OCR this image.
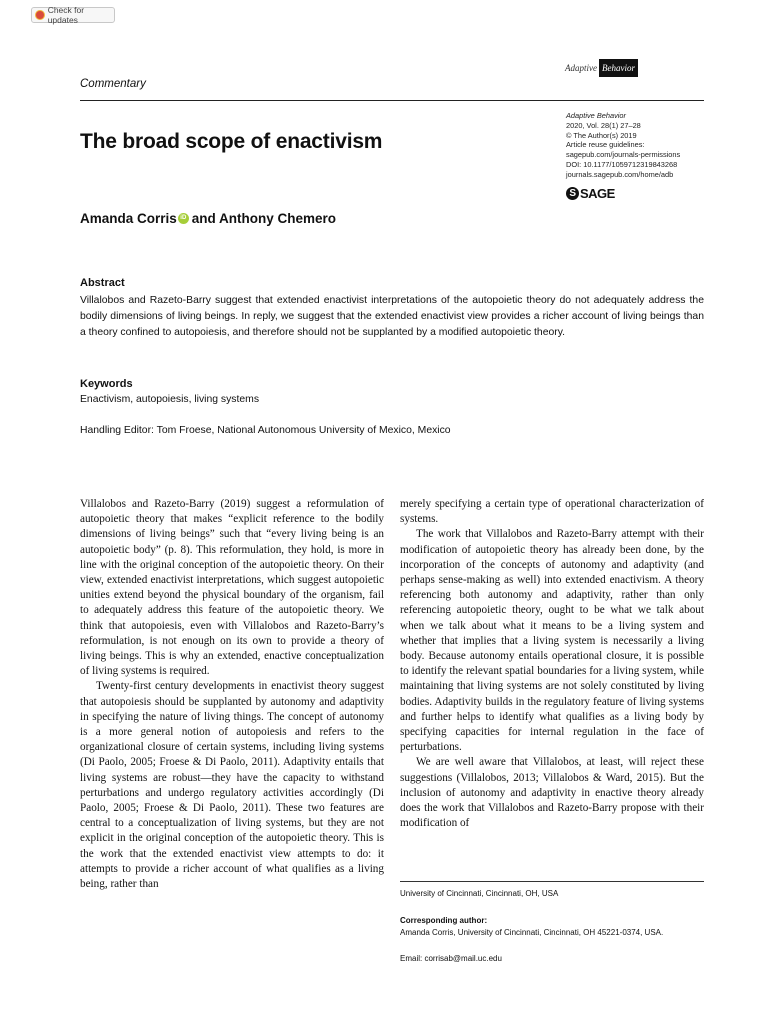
Check for updates
Adaptive Behavior
Commentary
The broad scope of enactivism
Adaptive Behavior
2020, Vol. 28(1) 27–28
© The Author(s) 2019
Article reuse guidelines:
sagepub.com/journals-permissions
DOI: 10.1177/1059712319843268
journals.sagepub.com/home/adb
S SAGE
Amanda Corris iD and Anthony Chemero
Abstract
Villalobos and Razeto-Barry suggest that extended enactivist interpretations of the autopoietic theory do not adequately address the bodily dimensions of living beings. In reply, we suggest that the extended enactivist view provides a richer account of living beings than a theory confined to autopoiesis, and therefore should not be supplanted by a modified autopoietic theory.
Keywords
Enactivism, autopoiesis, living systems
Handling Editor: Tom Froese, National Autonomous University of Mexico, Mexico

Villalobos and Razeto-Barry (2019) suggest a reformulation of autopoietic theory that makes “explicit reference to the bodily dimensions of living beings” such that “every living being is an autopoietic body” (p. 8). This reformulation, they hold, is more in line with the original conception of the autopoietic theory. On their view, extended enactivist interpretations, which suggest autopoietic unities extend beyond the physical boundary of the organism, fail to adequately address this feature of the autopoietic theory. We think that autopoiesis, even with Villalobos and Razeto-Barry’s reformulation, is not enough on its own to provide a theory of living beings. This is why an extended, enactive conceptualization of living systems is required.

Twenty-first century developments in enactivist theory suggest that autopoiesis should be supplanted by autonomy and adaptivity in specifying the nature of living things. The concept of autonomy is a more general notion of autopoiesis and refers to the organizational closure of certain systems, including living systems (Di Paolo, 2005; Froese & Di Paolo, 2011). Adaptivity entails that living systems are robust—they have the capacity to withstand perturbations and undergo regulatory activities accordingly (Di Paolo, 2005; Froese & Di Paolo, 2011). These two features are central to a conceptualization of living systems, but they are not explicit in the original conception of the autopoietic theory. This is the work that the extended enactivist view attempts to do: it attempts to provide a richer account of what qualifies as a living being, rather than

merely specifying a certain type of operational characterization of systems.

The work that Villalobos and Razeto-Barry attempt with their modification of autopoietic theory has already been done, by the incorporation of the concepts of autonomy and adaptivity (and perhaps sense-making as well) into extended enactivism. A theory referencing both autonomy and adaptivity, rather than only referencing autopoietic theory, ought to be what we talk about when we talk about what it means to be a living system and whether that implies that a living system is necessarily a living body. Because autonomy entails operational closure, it is possible to identify the relevant spatial boundaries for a living system, while maintaining that living systems are not solely constituted by living bodies. Adaptivity builds in the regulatory feature of living systems and further helps to identify what qualifies as a living body by specifying capacities for internal regulation in the face of perturbations.

We are well aware that Villalobos, at least, will reject these suggestions (Villalobos, 2013; Villalobos & Ward, 2015). But the inclusion of autonomy and adaptivity in enactive theory already does the work that Villalobos and Razeto-Barry propose with their modification of

University of Cincinnati, Cincinnati, OH, USA
Corresponding author:
Amanda Corris, University of Cincinnati, Cincinnati, OH 45221-0374, USA.
Email: corrisab@mail.uc.edu
